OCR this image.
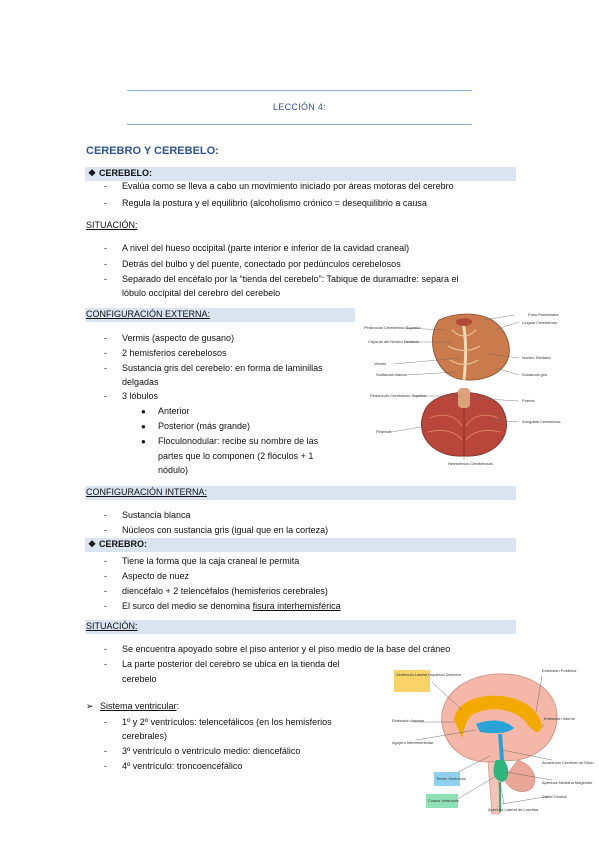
LECCIÓN 4:
CEREBRO Y CEREBELO:
❖ CEREBELO:
- Evalúa como se lleva a cabo un movimiento iniciado por áreas motoras del cerebro
- Regula la postura y el equilibrio (alcoholismo crónico = desequilibrio a causa
SITUACIÓN:
- A nivel del hueso occipital (parte interior e inferior de la cavidad craneal)
- Detrás del bulbo y del puente, conectado por pedúnculos cerebelosos
- Separado del encéfalo por la “tienda del cerebelo”: Tabique de duramadre: separa el
lóbulo occipital del cerebro del cerebelo
CONFIGURACIÓN EXTERNA:
- Vermis (aspecto de gusano)
- 2 hemisferios cerebelosos
- Sustancia gris del cerebelo: en forma de laminillas
delgadas
- 3 lóbulos
● Anterior
● Posterior (más grande)
● Floculonodular: recibe su nombre de las
partes que lo componen (2 flóculos + 1
nódulo)
Pedúnculo Cerebeloso Superior
Cápsula del Núcleo Dentado
Vermis
Sustancia blanca
Fosa Romboidea
Língula Cerebelosa
Núcleo Dentado
Sustancia gris
Pedúnculo Cerebeloso Superior
Puente
Amígdala Cerebelosa
Pirámide
Hemisferios Cerebelosos
CONFIGURACIÓN INTERNA:
- Sustancia blanca
- Núcleos con sustancia gris (igual que en la corteza)
❖ CEREBRO:
- Tiene la forma que la caja craneal le permita
- Aspecto de nuez
- diencéfalo + 2 telencéfalos (hemisferios cerebrales)
- El surco del medio se denomina fisura interhemisférica
SITUACIÓN:
- Se encuentra apoyado sobre el piso anterior y el piso medio de la base del cráneo
- La parte posterior del cerebro se ubica en la tienda del
cerebelo
➢ Sistema ventricular:
- 1º y 2º ventrículos: telencefálicos (en los hemisferios
cerebrales)
- 3º ventrículo o ventrículo medio: diencefálico
- 4º ventrículo: troncoencefálico
Ventrículo Lateral Izquierdo Derecho
Extensión Posterior
Extensión Anterior	Extensión Inferior
Agujero Interventricular
Acueducto Cerebral de Silvio
Apertura Mediana Magendie
Tercer Ventrículo
Canal Central
Cuarto Ventrículo
Apertura Lateral de Luschka
